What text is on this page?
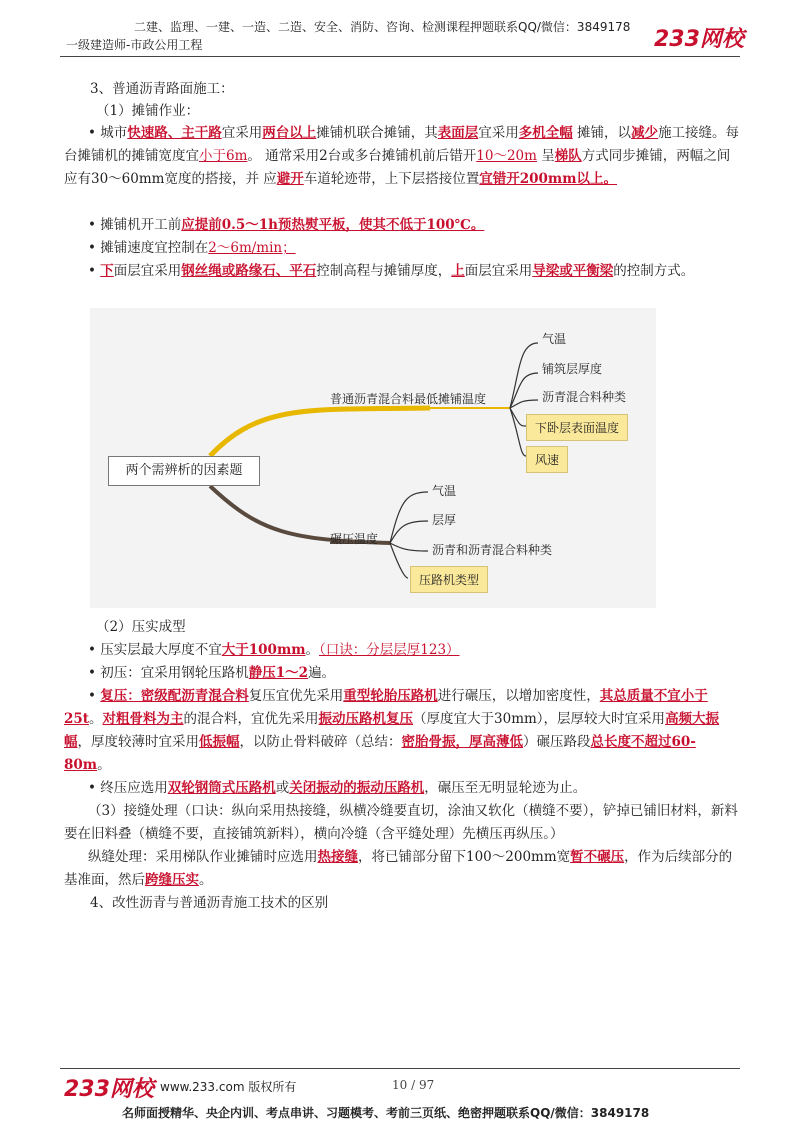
二建、监理、一建、一造、二造、安全、消防、咨询、检测课程押题联系QQ/微信：3849178
一级建造师-市政公用工程	233网校
3、普通沥青路面施工：
（1）摊铺作业：
• 城市快速路、主干路宜采用两台以上摊铺机联合摊铺，其表面层宜采用多机全幅 摊铺，以减少施工接缝。每台摊铺机的摊铺宽度宜小于6m。 通常采用2台或多台摊铺机前后错开10～20m 呈梯队方式同步摊铺，两幅之间应有30～60mm宽度的搭接，并 应避开车道轮迹带，上下层搭接位置宜错开200mm以上。
• 摊铺机开工前应提前0.5～1h预热熨平板，使其不低于100℃。
• 摊铺速度宜控制在2～6m/min；
• 下面层宜采用钢丝绳或路缘石、平石控制高程与摊铺厚度，上面层宜采用导梁或平衡梁的控制方式。
两个需辨析的因素题
普通沥青混合料最低摊铺温度
气温
铺筑层厚度
沥青混合料种类
下卧层表面温度
风速
碾压温度
气温
层厚
沥青和沥青混合料种类
压路机类型
（2）压实成型
• 压实层最大厚度不宜大于100mm。（口诀：分层层厚123）
• 初压：宜采用钢轮压路机静压1～2遍。
• 复压：密级配沥青混合料复压宜优先采用重型轮胎压路机进行碾压，以增加密度性，其总质量不宜小于25t。对粗骨料为主的混合料，宜优先采用振动压路机复压（厚度宜大于30mm），层厚较大时宜采用高频大振幅，厚度较薄时宜采用低振幅，以防止骨料破碎（总结：密胎骨振，厚高薄低）碾压路段总长度不超过60-80m。
• 终压应选用双轮钢筒式压路机或关闭振动的振动压路机，碾压至无明显轮迹为止。
（3）接缝处理（口诀：纵向采用热接缝，纵横冷缝要直切，涂油又软化（横缝不要），铲掉已铺旧材料，新料要在旧料叠（横缝不要，直接铺筑新料），横向冷缝（含平缝处理）先横压再纵压。）
纵缝处理：采用梯队作业摊铺时应选用热接缝，将已铺部分留下100～200mm宽暂不碾压，作为后续部分的基准面，然后跨缝压实。
4、改性沥青与普通沥青施工技术的区别
233网校 www.233.com 版权所有	10 / 97
名师面授精华、央企内训、考点串讲、习题模考、考前三页纸、绝密押题联系QQ/微信：3849178
